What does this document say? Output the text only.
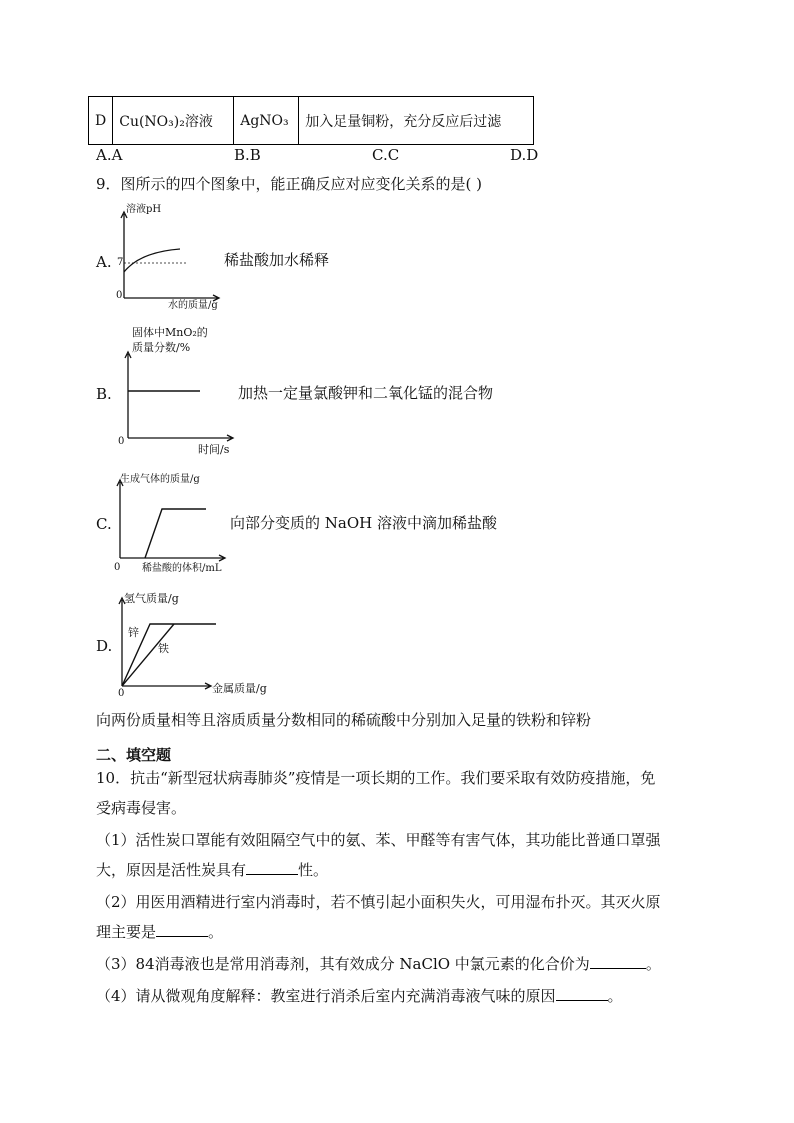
D	Cu(NO₃)₂溶液	AgNO₃	加入足量铜粉，充分反应后过滤
A.A	B.B	C.C	D.D
9．图所示的四个图象中，能正确反应对应变化关系的是( )
A.
溶液pH
7
0
水的质量/g
稀盐酸加水稀释
B.
固体中MnO₂的
质量分数/%
0
时间/s
加热一定量氯酸钾和二氧化锰的混合物
C.
生成气体的质量/g
0 稀盐酸的体积/mL
向部分变质的 NaOH 溶液中滴加稀盐酸
D.
氢气质量/g
锌
铁
0	金属质量/g
向两份质量相等且溶质质量分数相同的稀硫酸中分别加入足量的铁粉和锌粉
二、填空题
10．抗击“新型冠状病毒肺炎”疫情是一项长期的工作。我们要采取有效防疫措施，免
受病毒侵害。
（1）活性炭口罩能有效阻隔空气中的氨、苯、甲醛等有害气体，其功能比普通口罩强
大，原因是活性炭具有	性。
（2）用医用酒精进行室内消毒时，若不慎引起小面积失火，可用湿布扑灭。其灭火原
理主要是	。
（3）84消毒液也是常用消毒剂，其有效成分 NaClO 中氯元素的化合价为	。
（4）请从微观角度解释：教室进行消杀后室内充满消毒液气味的原因	。
